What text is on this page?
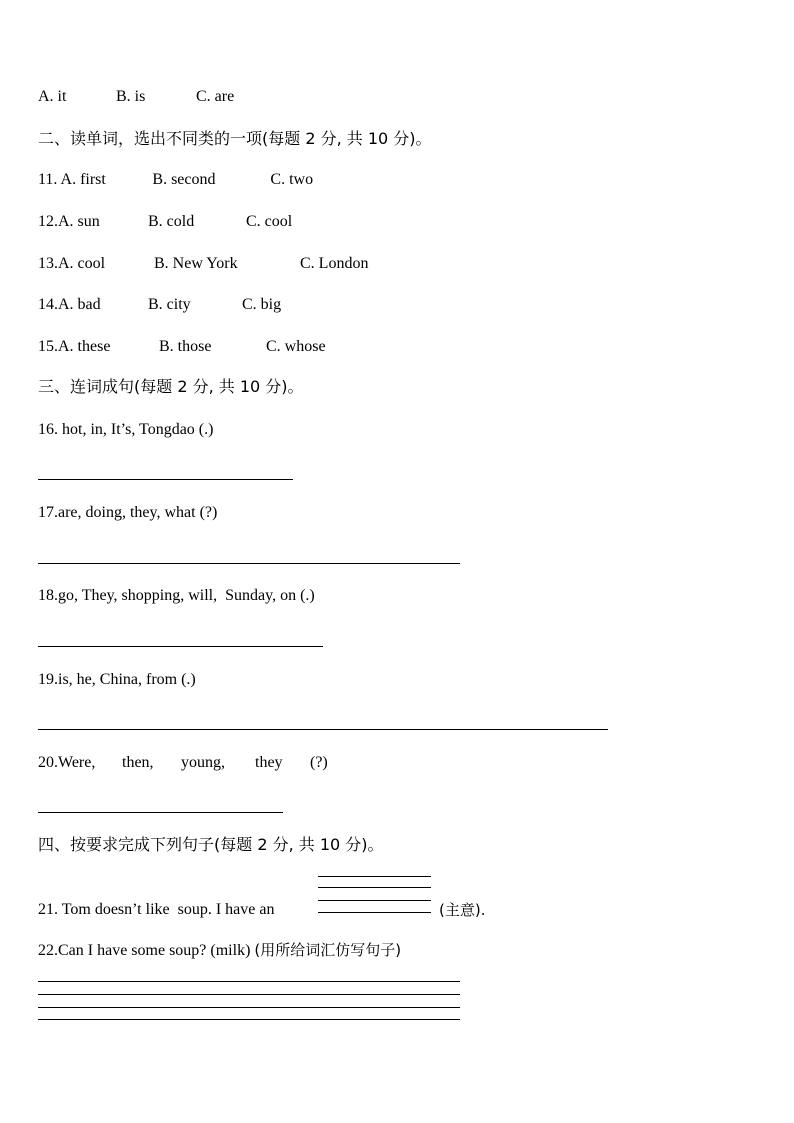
A. it	B. is	C. are
二、读单词，选出不同类的一项(每题 2 分, 共 10 分)。
11. A. first	B. second	C. two
12.A. sun	B. cold	C. cool
13.A. cool	B. New York	C. London
14.A. bad	B. city	C. big
15.A. these	B. those	C. whose
三、连词成句(每题 2 分, 共 10 分)。
16. hot, in, It’s, Tongdao (.)
17.are, doing, they, what (?)
18.go, They, shopping, will,  Sunday, on (.)
19.is, he, China, from (.)
20.Were, then, young, they (?)
四、按要求完成下列句子(每题 2 分, 共 10 分)。
21. Tom doesn’t like  soup. I have an	(主意).
22.Can I have some soup? (milk) (用所给词汇仿写句子)
